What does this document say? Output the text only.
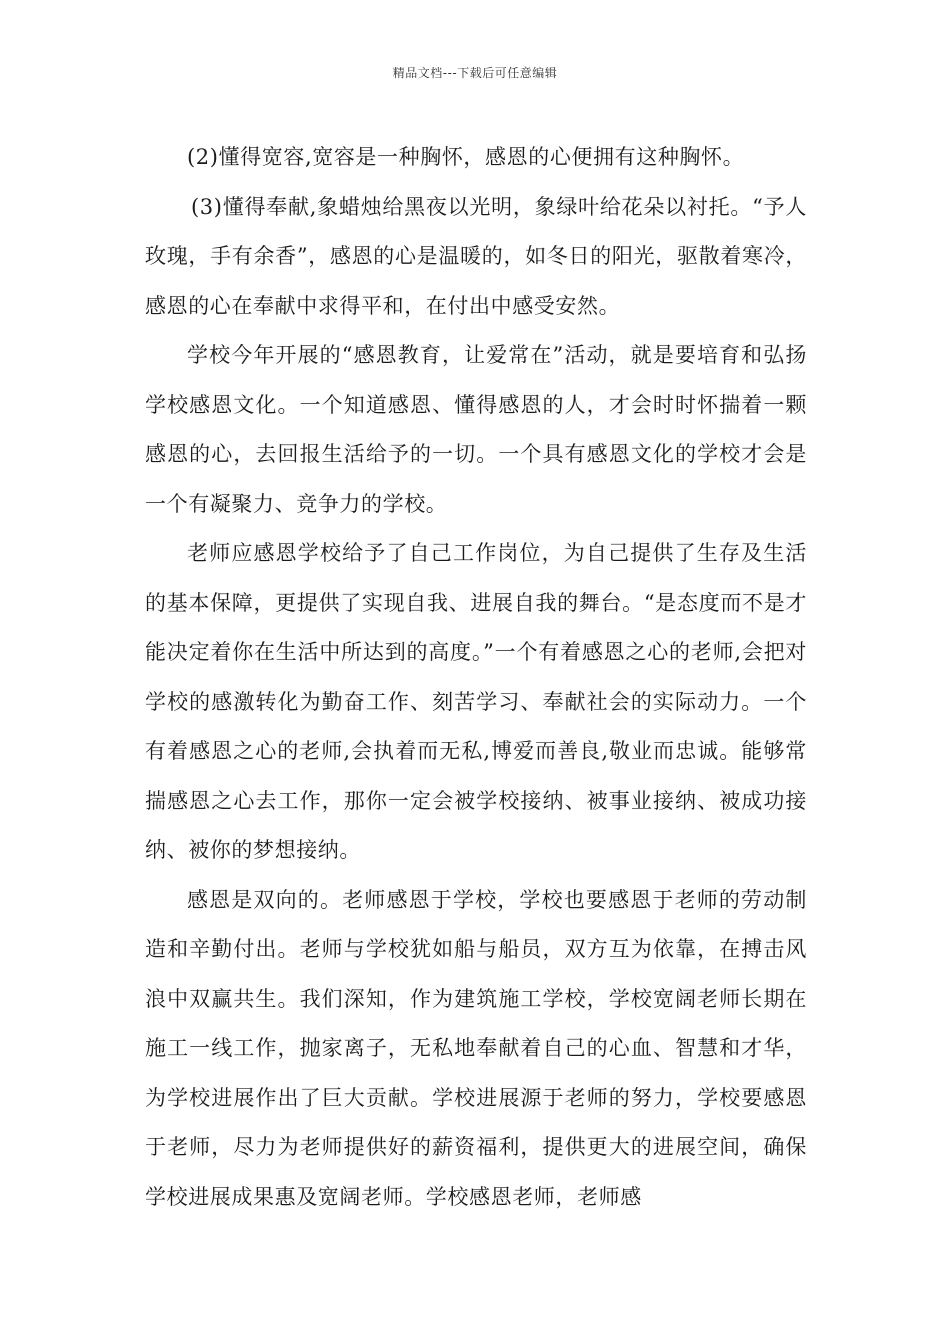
精品文档---下载后可任意编辑

(2)懂得宽容,宽容是一种胸怀，感恩的心便拥有这种胸怀。

(3)懂得奉献,象蜡烛给黑夜以光明，象绿叶给花朵以衬托。“予人玫瑰，手有余香”，感恩的心是温暖的，如冬日的阳光，驱散着寒冷，感恩的心在奉献中求得平和，在付出中感受安然。

学校今年开展的“感恩教育，让爱常在”活动，就是要培育和弘扬学校感恩文化。一个知道感恩、懂得感恩的人，才会时时怀揣着一颗感恩的心，去回报生活给予的一切。一个具有感恩文化的学校才会是一个有凝聚力、竞争力的学校。

老师应感恩学校给予了自己工作岗位，为自己提供了生存及生活的基本保障，更提供了实现自我、进展自我的舞台。“是态度而不是才能决定着你在生活中所达到的高度。”一个有着感恩之心的老师,会把对学校的感激转化为勤奋工作、刻苦学习、奉献社会的实际动力。一个有着感恩之心的老师,会执着而无私,博爱而善良,敬业而忠诚。能够常揣感恩之心去工作，那你一定会被学校接纳、被事业接纳、被成功接纳、被你的梦想接纳。

感恩是双向的。老师感恩于学校，学校也要感恩于老师的劳动制造和辛勤付出。老师与学校犹如船与船员，双方互为依靠，在搏击风浪中双赢共生。我们深知，作为建筑施工学校，学校宽阔老师长期在施工一线工作，抛家离子，无私地奉献着自己的心血、智慧和才华，为学校进展作出了巨大贡献。学校进展源于老师的努力，学校要感恩于老师，尽力为老师提供好的薪资福利，提供更大的进展空间，确保学校进展成果惠及宽阔老师。学校感恩老师，老师感
